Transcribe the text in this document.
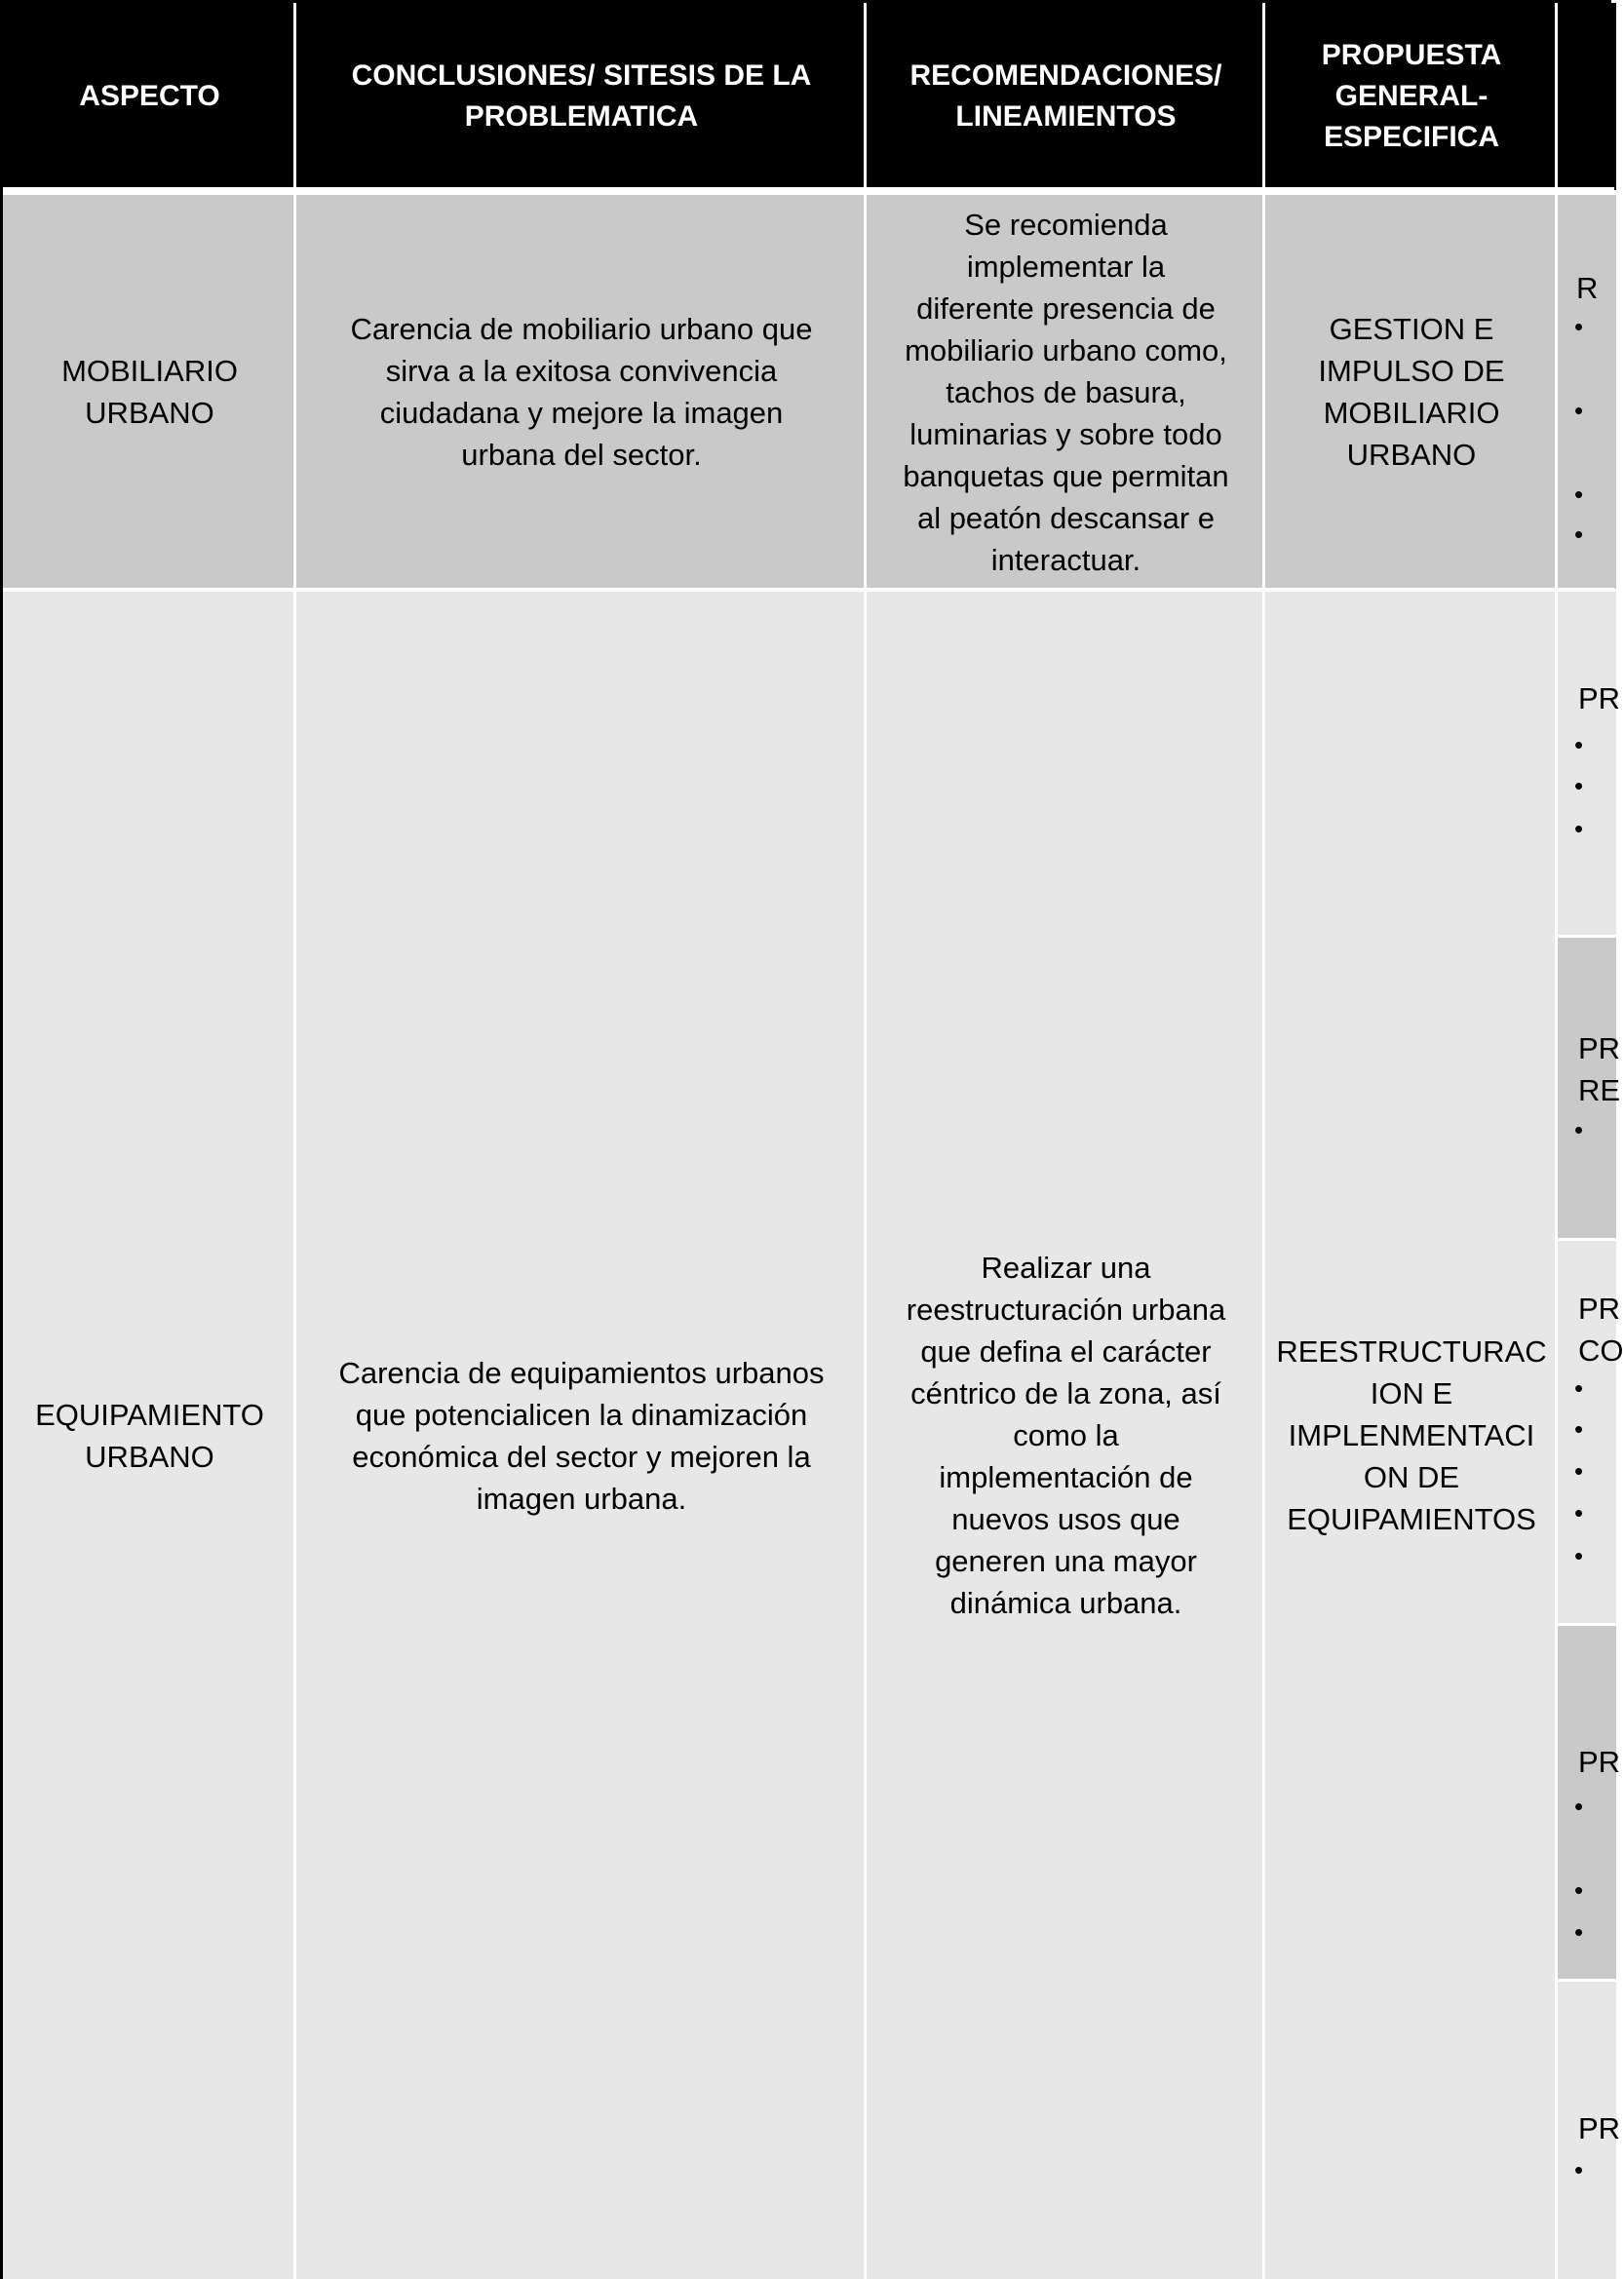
ASPECTO
CONCLUSIONES/ SITESIS DE LA
PROBLEMATICA
RECOMENDACIONES/
LINEAMIENTOS
PROPUESTA
GENERAL-
ESPECIFICA
MOBILIARIO
URBANO
Carencia de mobiliario urbano que
sirva a la exitosa convivencia
ciudadana y mejore la imagen
urbana del sector.
Se recomienda
implementar la
diferente presencia de
mobiliario urbano como,
tachos de basura,
luminarias y sobre todo
banquetas que permitan
al peatón descansar e
interactuar.
GESTION E
IMPULSO DE
MOBILIARIO
URBANO
R
•
•
•
•
EQUIPAMIENTO
URBANO
Carencia de equipamientos urbanos
que potencialicen la dinamización
económica del sector y mejoren la
imagen urbana.
Realizar una
reestructuración urbana
que defina el carácter
céntrico de la zona, así
como la
implementación de
nuevos usos que
generen una mayor
dinámica urbana.
REESTRUCTURAC
ION E
IMPLENMENTACI
ON DE
EQUIPAMIENTOS
PR
•
•
•
PR
RE
•
PR
CO
•
•
•
•
•
PR
•
•
•
PR
•
